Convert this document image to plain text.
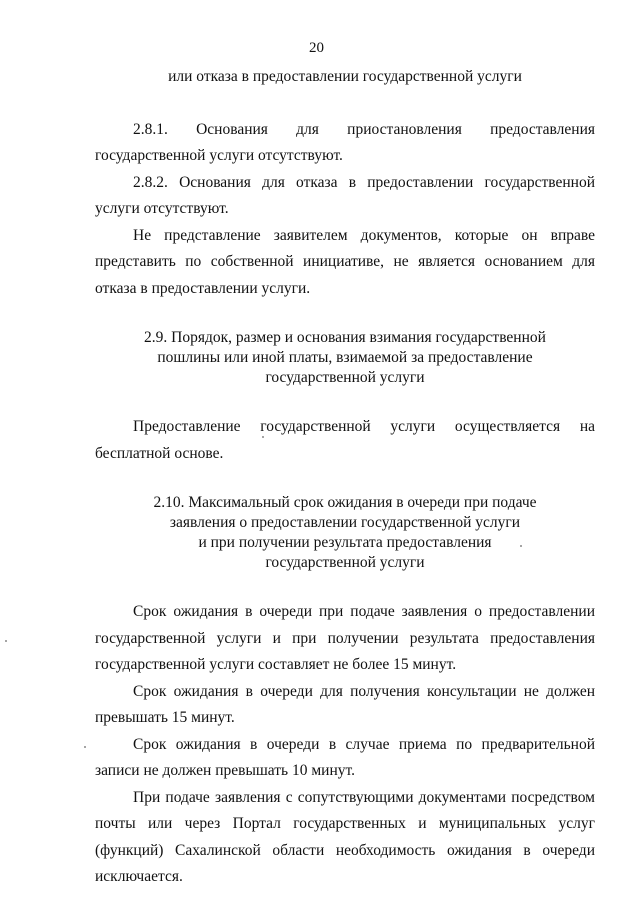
20
или отказа в предоставлении государственной услуги

2.8.1. Основания для приостановления предоставления государственной услуги отсутствуют.

2.8.2. Основания для отказа в предоставлении государственной услуги отсутствуют.

Не представление заявителем документов, которые он вправе представить по собственной инициативе, не является основанием для отказа в предоставлении услуги.

2.9. Порядок, размер и основания взимания государственной
пошлины или иной платы, взимаемой за предоставление
государственной услуги

Предоставление государственной услуги осуществляется на бесплатной основе.

2.10. Максимальный срок ожидания в очереди при подаче
заявления о предоставлении государственной услуги
и при получении результата предоставления
государственной услуги

Срок ожидания в очереди при подаче заявления о предоставлении государственной услуги и при получении результата предоставления государственной услуги составляет не более 15 минут.

Срок ожидания в очереди для получения консультации не должен превышать 15 минут.

Срок ожидания в очереди в случае приема по предварительной записи не должен превышать 10 минут.

При подаче заявления с сопутствующими документами посредством почты или через Портал государственных и муниципальных услуг (функций) Сахалинской области необходимость ожидания в очереди исключается.
